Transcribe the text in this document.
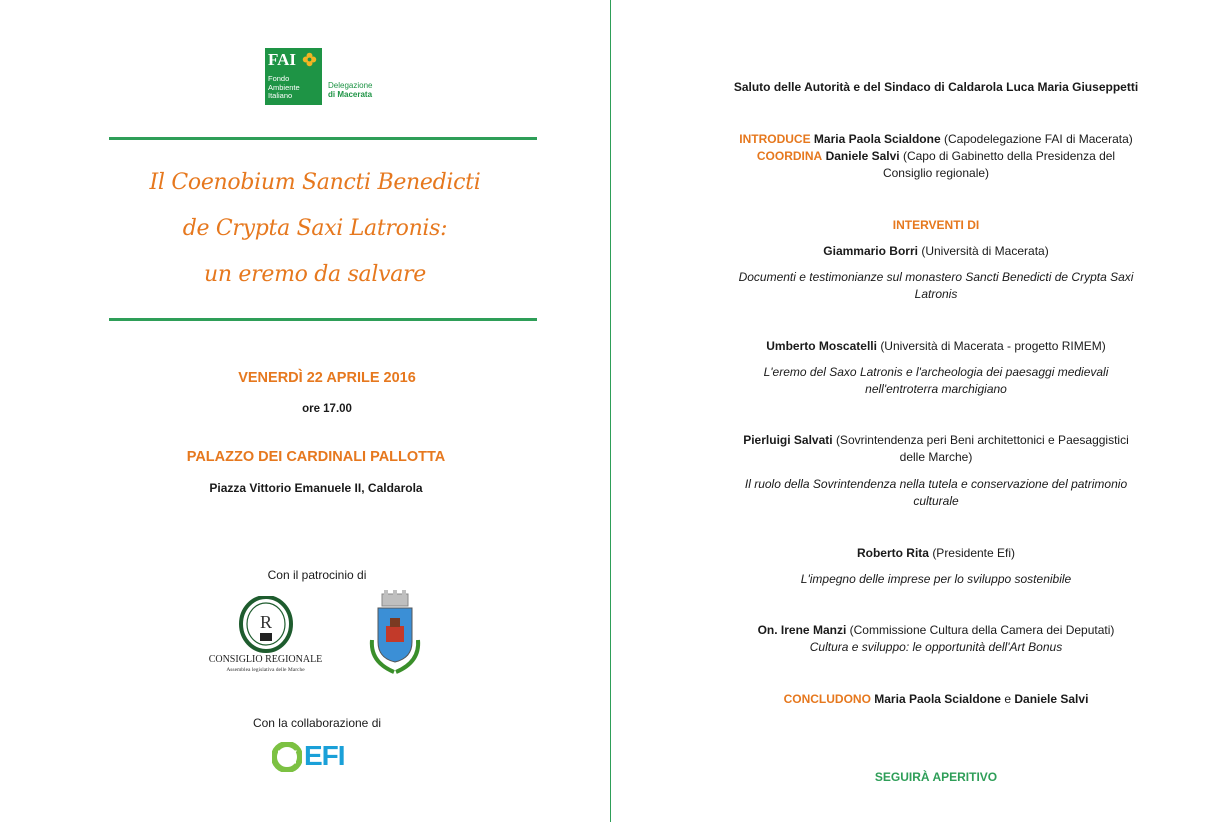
FAI
Fondo
Ambiente
Italiano
Delegazione
di Macerata
Il Coenobium Sancti Benedicti
de Crypta Saxi Latronis:
un eremo da salvare
VENERDÌ 22 APRILE 2016
ore 17.00
PALAZZO DEI CARDINALI PALLOTTA
Piazza Vittorio Emanuele II, Caldarola
Con il patrocinio di
R
CONSIGLIO REGIONALE
Assemblea legislativa delle Marche
Con la collaborazione di
EFI
Saluto delle Autorità e del Sindaco di Caldarola Luca Maria Giuseppetti
INTRODUCE Maria Paola Scialdone (Capodelegazione FAI di Macerata)
COORDINA Daniele Salvi (Capo di Gabinetto della Presidenza del
Consiglio regionale)
INTERVENTI DI
Giammario Borri (Università di Macerata)
Documenti e testimonianze sul monastero Sancti Benedicti de Crypta Saxi
Latronis
Umberto Moscatelli (Università di Macerata - progetto RIMEM)
L'eremo del Saxo Latronis e l'archeologia dei paesaggi medievali
nell'entroterra marchigiano
Pierluigi Salvati (Sovrintendenza peri Beni architettonici e Paesaggistici
delle Marche)
Il ruolo della Sovrintendenza nella tutela e conservazione del patrimonio
culturale
Roberto Rita (Presidente Efi)
L'impegno delle imprese per lo sviluppo sostenibile
On. Irene Manzi (Commissione Cultura della Camera dei Deputati)
Cultura e sviluppo: le opportunità dell'Art Bonus
CONCLUDONO Maria Paola Scialdone e Daniele Salvi
SEGUIRÀ APERITIVO
